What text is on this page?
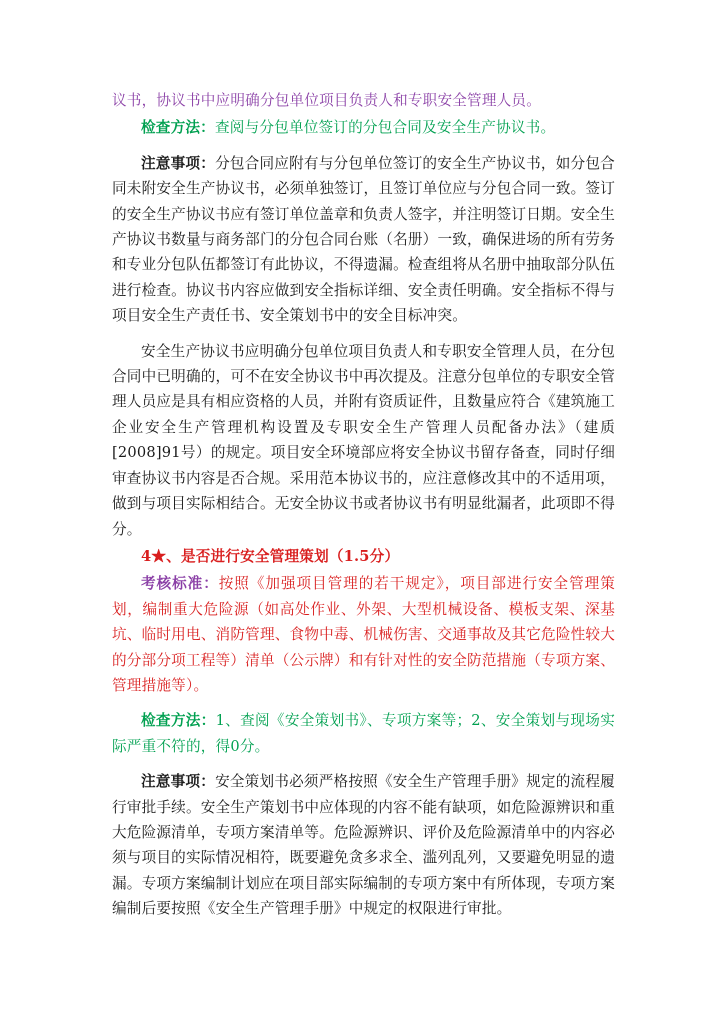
议书，协议书中应明确分包单位项目负责人和专职安全管理人员。

检查方法：查阅与分包单位签订的分包合同及安全生产协议书。

注意事项：分包合同应附有与分包单位签订的安全生产协议书，如分包合同未附安全生产协议书，必须单独签订，且签订单位应与分包合同一致。签订的安全生产协议书应有签订单位盖章和负责人签字，并注明签订日期。安全生产协议书数量与商务部门的分包合同台账（名册）一致，确保进场的所有劳务和专业分包队伍都签订有此协议，不得遗漏。检查组将从名册中抽取部分队伍进行检查。协议书内容应做到安全指标详细、安全责任明确。安全指标不得与项目安全生产责任书、安全策划书中的安全目标冲突。

安全生产协议书应明确分包单位项目负责人和专职安全管理人员，在分包合同中已明确的，可不在安全协议书中再次提及。注意分包单位的专职安全管理人员应是具有相应资格的人员，并附有资质证件，且数量应符合《建筑施工企业安全生产管理机构设置及专职安全生产管理人员配备办法》（建质[2008]91号）的规定。项目安全环境部应将安全协议书留存备查，同时仔细审查协议书内容是否合规。采用范本协议书的，应注意修改其中的不适用项，做到与项目实际相结合。无安全协议书或者协议书有明显纰漏者，此项即不得分。

4★、是否进行安全管理策划（1.5分）

考核标准：按照《加强项目管理的若干规定》，项目部进行安全管理策划，编制重大危险源（如高处作业、外架、大型机械设备、模板支架、深基坑、临时用电、消防管理、食物中毒、机械伤害、交通事故及其它危险性较大的分部分项工程等）清单（公示牌）和有针对性的安全防范措施（专项方案、管理措施等）。

检查方法：1、查阅《安全策划书》、专项方案等；2、安全策划与现场实际严重不符的，得0分。

注意事项：安全策划书必须严格按照《安全生产管理手册》规定的流程履行审批手续。安全生产策划书中应体现的内容不能有缺项，如危险源辨识和重大危险源清单，专项方案清单等。危险源辨识、评价及危险源清单中的内容必须与项目的实际情况相符，既要避免贪多求全、滥列乱列，又要避免明显的遗漏。专项方案编制计划应在项目部实际编制的专项方案中有所体现，专项方案编制后要按照《安全生产管理手册》中规定的权限进行审批。
